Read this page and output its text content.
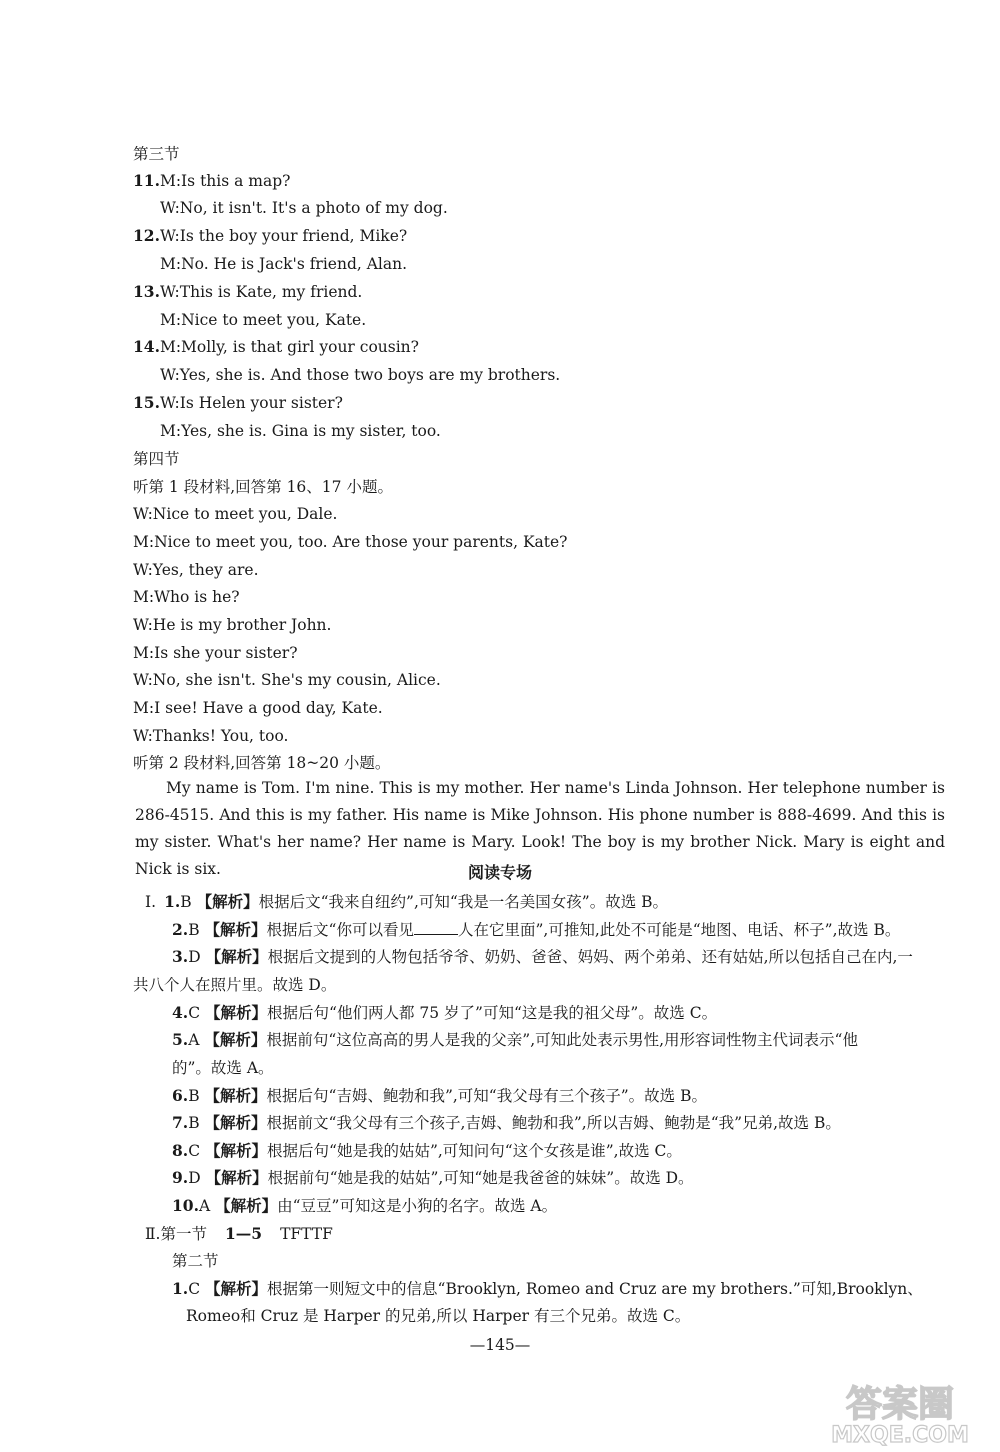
第三节
11.M:Is this a map?
W:No, it isn't. It's a photo of my dog.
12.W:Is the boy your friend, Mike?
M:No. He is Jack's friend, Alan.
13.W:This is Kate, my friend.
M:Nice to meet you, Kate.
14.M:Molly, is that girl your cousin?
W:Yes, she is. And those two boys are my brothers.
15.W:Is Helen your sister?
M:Yes, she is. Gina is my sister, too.
第四节
听第 1 段材料,回答第 16、17 小题。
W:Nice to meet you, Dale.
M:Nice to meet you, too. Are those your parents, Kate?
W:Yes, they are.
M:Who is he?
W:He is my brother John.
M:Is she your sister?
W:No, she isn't. She's my cousin, Alice.
M:I see! Have a good day, Kate.
W:Thanks! You, too.
听第 2 段材料,回答第 18~20 小题。
My name is Tom. I'm nine. This is my mother. Her name's Linda Johnson. Her telephone number is 286-4515. And this is my father. His name is Mike Johnson. His phone number is 888-4699. And this is my sister. What's her name? Her name is Mary. Look! The boy is my brother Nick. Mary is eight and Nick is six.	阅读专场
Ⅰ. 1.B 【解析】根据后文“我来自纽约”,可知“我是一名美国女孩”。故选 B。
2.B 【解析】根据后文“你可以看见	人在它里面”,可推知,此处不可能是“地图、电话、杯子”,故选 B。
3.D 【解析】根据后文提到的人物包括爷爷、奶奶、爸爸、妈妈、两个弟弟、还有姑姑,所以包括自己在内,一
共八个人在照片里。故选 D。
4.C 【解析】根据后句“他们两人都 75 岁了”可知“这是我的祖父母”。故选 C。
5.A 【解析】根据前句“这位高高的男人是我的父亲”,可知此处表示男性,用形容词性物主代词表示“他
的”。故选 A。
6.B 【解析】根据后句“吉姆、鲍勃和我”,可知“我父母有三个孩子”。故选 B。
7.B 【解析】根据前文“我父母有三个孩子,吉姆、鲍勃和我”,所以吉姆、鲍勃是“我”兄弟,故选 B。
8.C 【解析】根据后句“她是我的姑姑”,可知问句“这个女孩是谁”,故选 C。
9.D 【解析】根据前句“她是我的姑姑”,可知“她是我爸爸的妹妹”。故选 D。
10.A 【解析】由“豆豆”可知这是小狗的名字。故选 A。
Ⅱ.第一节 1—5 TFTTF
第二节
1.C 【解析】根据第一则短文中的信息“Brooklyn, Romeo and Cruz are my brothers.”可知,Brooklyn、
Romeo和 Cruz 是 Harper 的兄弟,所以 Harper 有三个兄弟。故选 C。
—145—
答案圈
MXQE.COM
